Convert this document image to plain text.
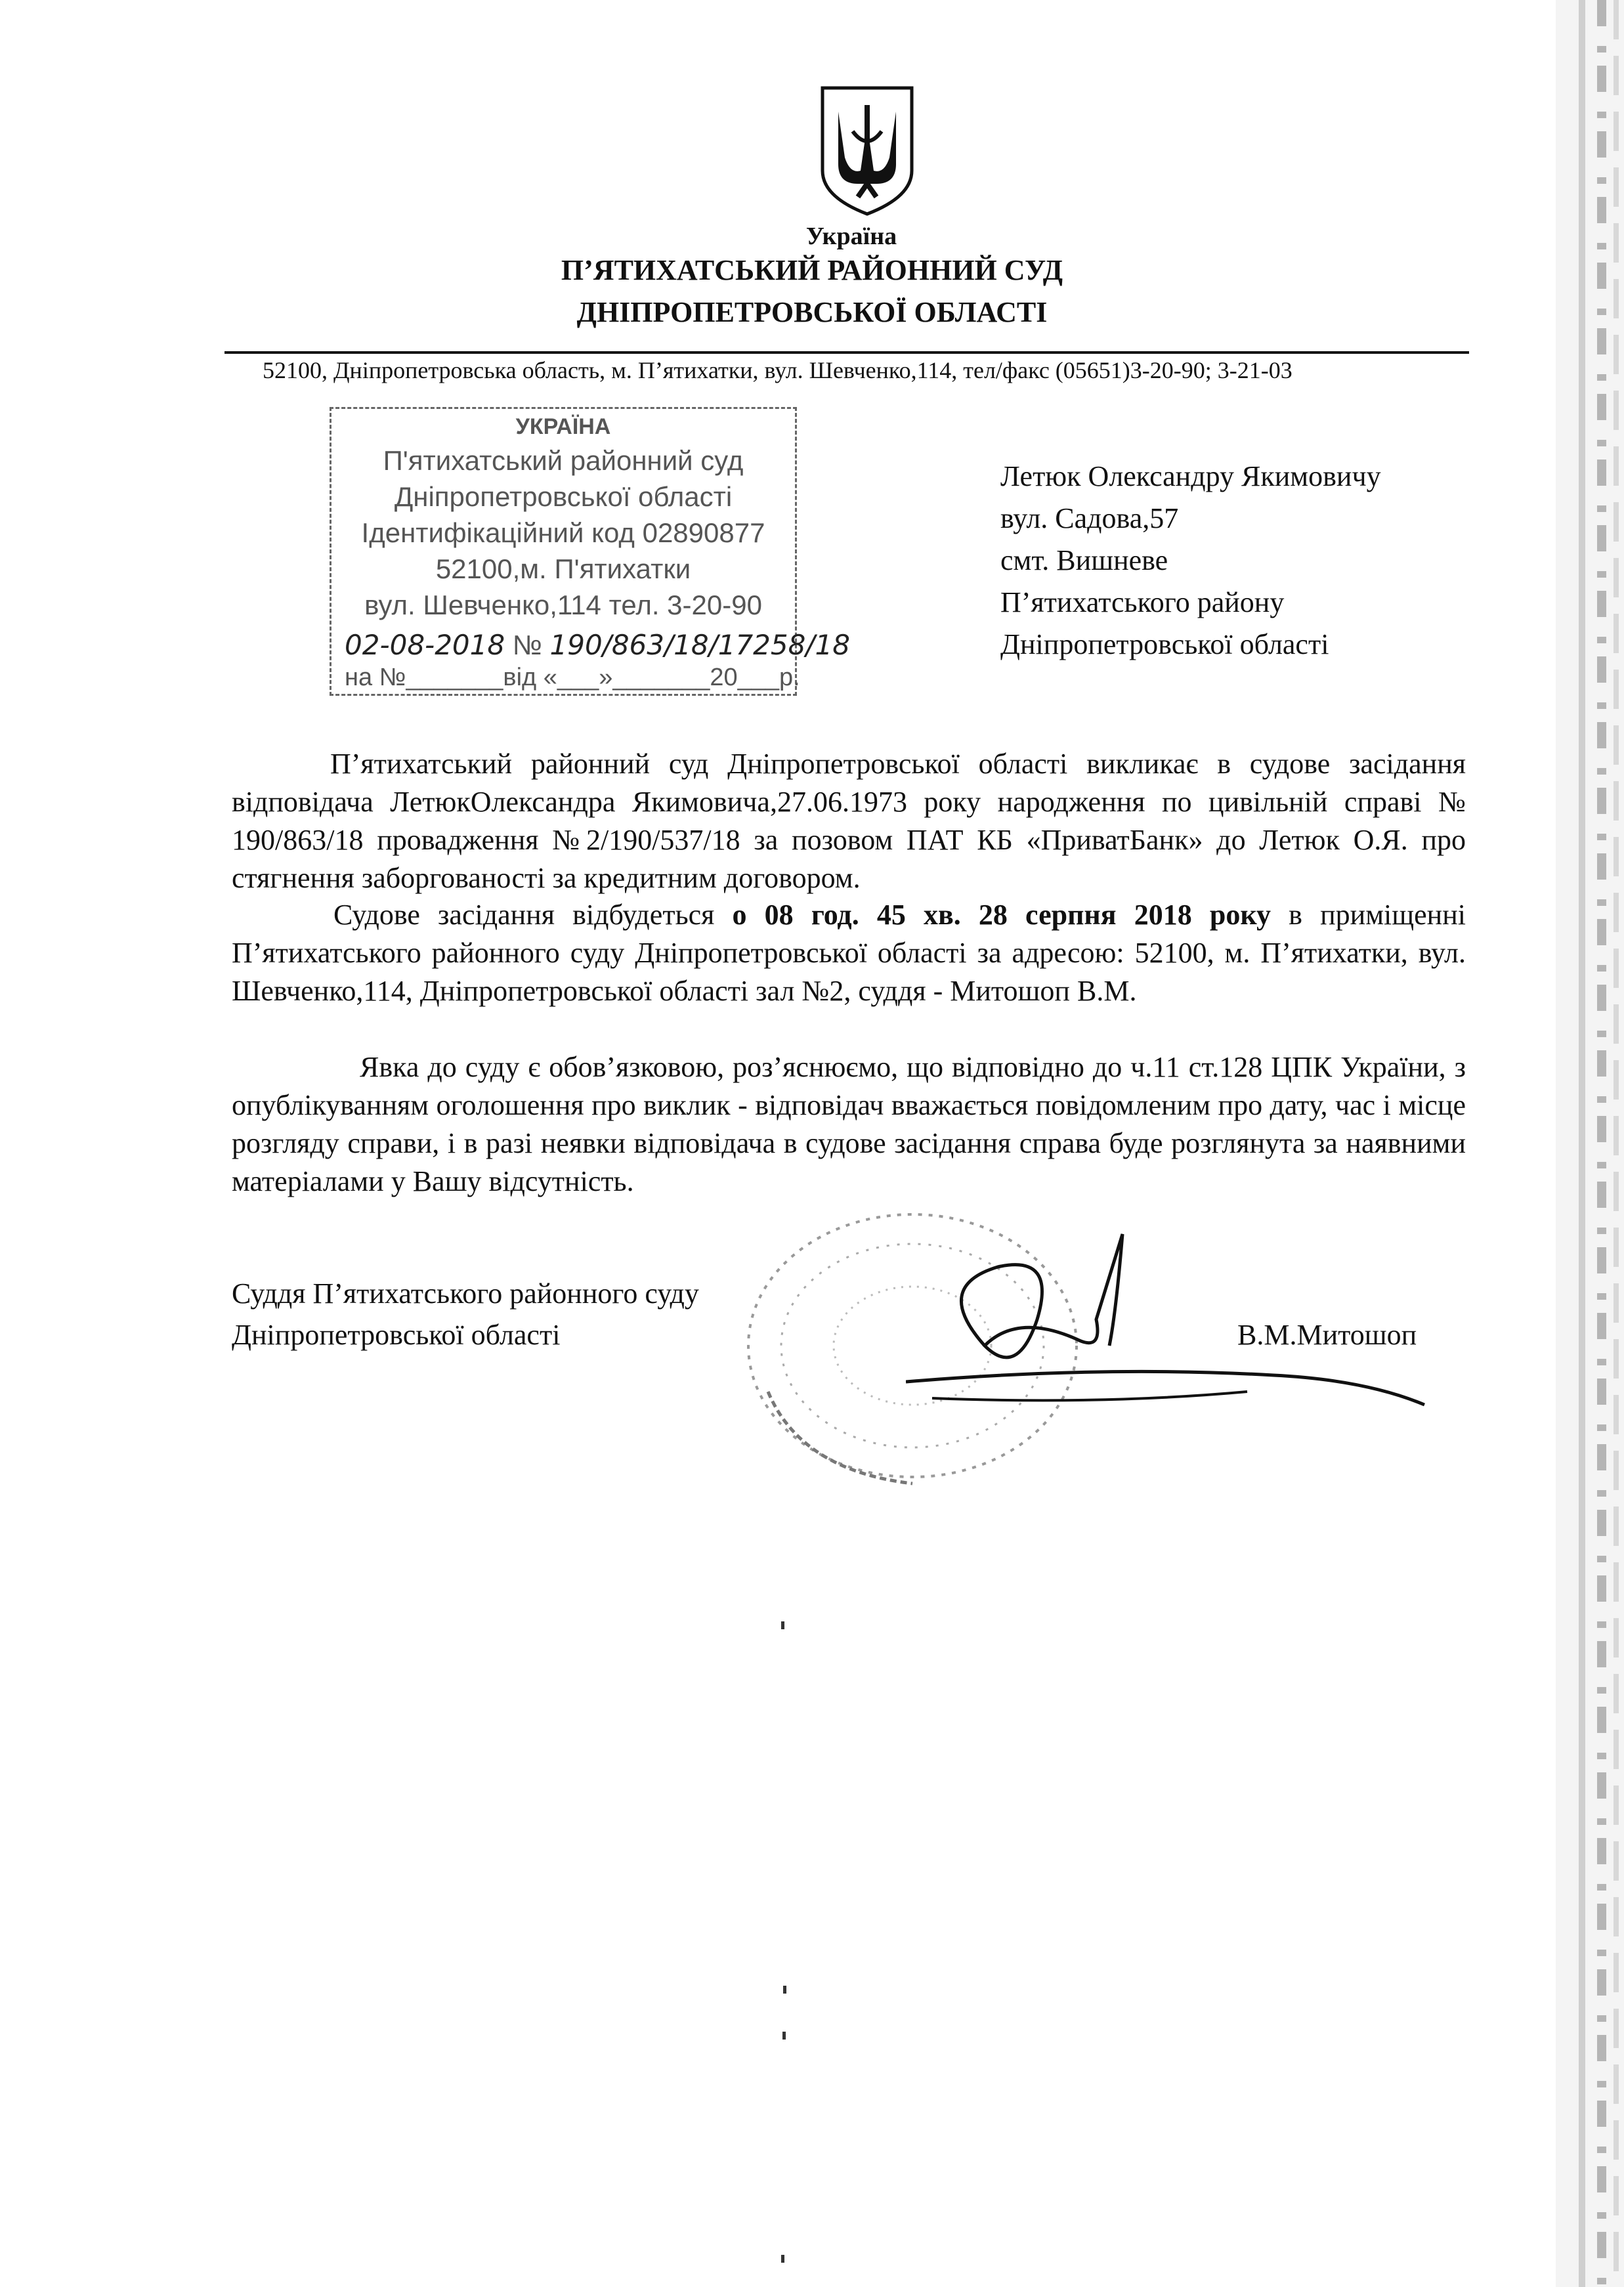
Україна
П’ЯТИХАТСЬКИЙ РАЙОННИЙ СУД
ДНІПРОПЕТРОВСЬКОЇ ОБЛАСТІ
52100, Дніпропетровська область, м. П’ятихатки, вул. Шевченко,114, тел/факс (05651)3-20-90; 3-21-03
УКРАЇНА
П'ятихатський районний суд
Дніпропетровської області
Ідентифікаційний код 02890877
52100,м. П'ятихатки
вул. Шевченко,114 тел. 3-20-90
02-08-2018 № 190/863/18/17258/18
на №_______від «___»_______20___р.
Летюк Олександру Якимовичу
вул. Садова,57
смт. Вишневе
П’ятихатського району
Дніпропетровської області
П’ятихатський районний суд Дніпропетровської області викликає в судове засідання відповідача ЛетюкОлександра Якимовича,27.06.1973 року народження по цивільній справі № 190/863/18 провадження №2/190/537/18 за позовом ПАТ КБ «ПриватБанк» до Летюк О.Я. про стягнення заборгованості за кредитним договором.
Судове засідання відбудеться о 08 год. 45 хв. 28 серпня 2018 року в приміщенні П’ятихатського районного суду Дніпропетровської області за адресою: 52100, м. П’ятихатки, вул. Шевченко,114, Дніпропетровської області зал №2, суддя - Митошоп В.М.
Явка до суду є обов’язковою, роз’яснюємо, що відповідно до ч.11 ст.128 ЦПК України, з опублікуванням оголошення про виклик - відповідач вважається повідомленим про дату, час і місце розгляду справи, і в разі неявки відповідача в судове засідання справа буде розглянута за наявними матеріалами у Вашу відсутність.
Суддя П’ятихатського районного суду
Дніпропетровської області	В.М.Митошоп
